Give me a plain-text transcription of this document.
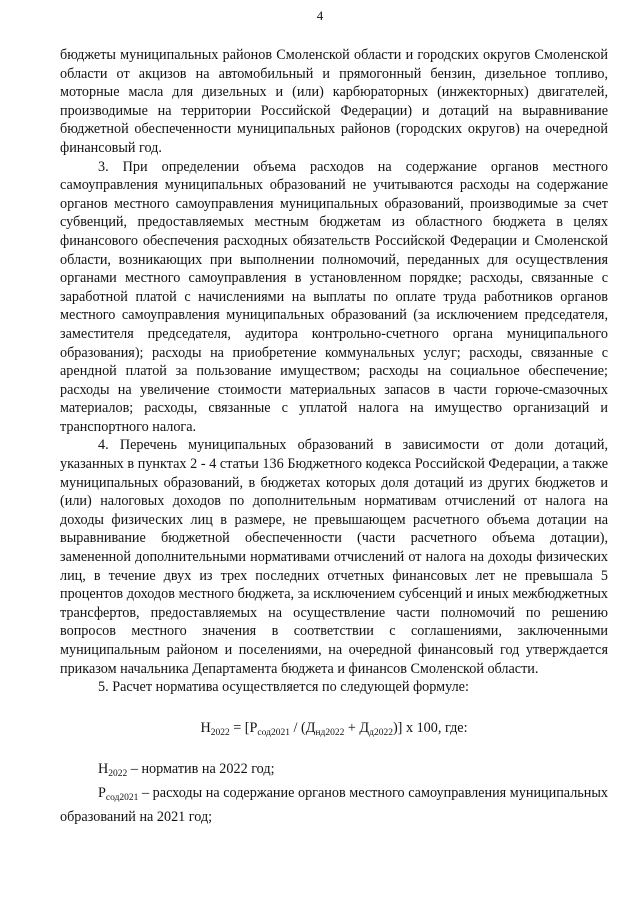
4

бюджеты муниципальных районов Смоленской области и городских округов Смоленской области от акцизов на автомобильный и прямогонный бензин, дизельное топливо, моторные масла для дизельных и (или) карбюраторных (инжекторных) двигателей, производимые на территории Российской Федерации) и дотаций на выравнивание бюджетной обеспеченности муниципальных районов (городских округов) на очередной финансовый год.

3. При определении объема расходов на содержание органов местного самоуправления муниципальных образований не учитываются расходы на содержание органов местного самоуправления муниципальных образований, производимые за счет субвенций, предоставляемых местным бюджетам из областного бюджета в целях финансового обеспечения расходных обязательств Российской Федерации и Смоленской области, возникающих при выполнении полномочий, переданных для осуществления органами местного самоуправления в установленном порядке; расходы, связанные с заработной платой с начислениями на выплаты по оплате труда работников органов местного самоуправления муниципальных образований (за исключением председателя, заместителя председателя, аудитора контрольно-счетного органа муниципального образования); расходы на приобретение коммунальных услуг; расходы, связанные с арендной платой за пользование имуществом; расходы на социальное обеспечение; расходы на увеличение стоимости материальных запасов в части горюче-смазочных материалов; расходы, связанные с уплатой налога на имущество организаций и транспортного налога.

4. Перечень муниципальных образований в зависимости от доли дотаций, указанных в пунктах 2 - 4 статьи 136 Бюджетного кодекса Российской Федерации, а также муниципальных образований, в бюджетах которых доля дотаций из других бюджетов и (или) налоговых доходов по дополнительным нормативам отчислений от налога на доходы физических лиц в размере, не превышающем расчетного объема дотации на выравнивание бюджетной обеспеченности (части расчетного объема дотации), замененной дополнительными нормативами отчислений от налога на доходы физических лиц, в течение двух из трех последних отчетных финансовых лет не превышала 5 процентов доходов местного бюджета, за исключением субсенций и иных межбюджетных трансфертов, предоставляемых на осуществление части полномочий по решению вопросов местного значения в соответствии с соглашениями, заключенными муниципальным районом и поселениями, на очередной финансовый год утверждается приказом начальника Департамента бюджета и финансов Смоленской области.

5. Расчет норматива осуществляется по следующей формуле:

$Н_{2022} = [Р_{сод2021} / (Д_{нд2022} + Д_{д2022})]$ x 100, где:

$Н_{2022}$ – норматив на 2022 год;

$Р_{сод2021}$ – расходы на содержание органов местного самоуправления муниципальных образований на 2021 год;
